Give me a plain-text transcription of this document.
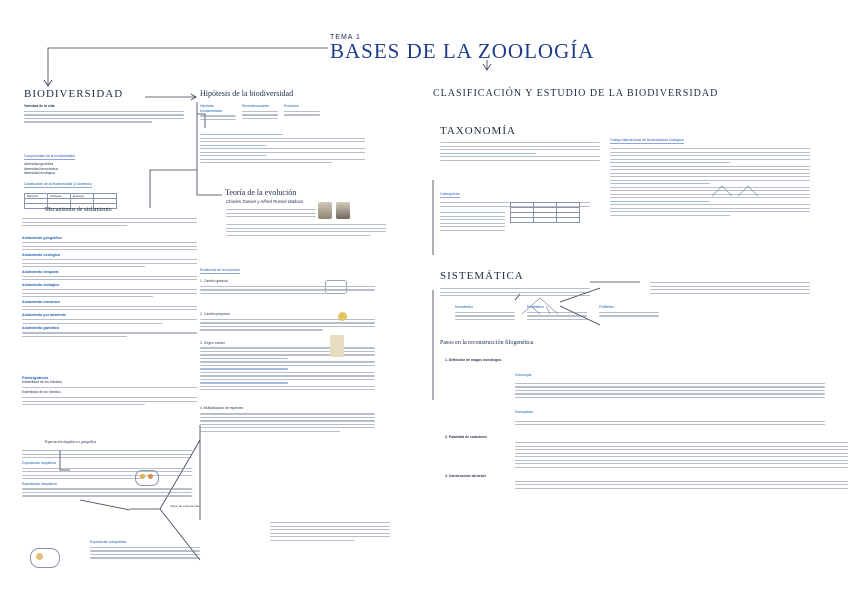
TEMA 1
BASES DE LA ZOOLOGÍA
BIODIVERSIDAD
Variedad de la vida
Componentes de la biodiversidad:
diversidad genética
diversidad taxonómica
diversidad ecológica
Clasificación de la biodiversidad (3 dominios)
Bacteria	Archaea	Eukarya	

Mecanismos de aislamiento
Aislamiento geográfico
Aislamiento ecológico
Aislamiento temporal
Aislamiento etológico
Aislamiento mecánico
Aislamiento por ambiente
Aislamiento gamético
Postcigóticos
Inviabilidad de los híbridos
Esterilidad de los híbridos
Especiación alopátrica o geográfica
Especiación alopátrica
Especiación simpátrica
Tipos de especiación
Especiación parapátrica
Hipótesis de la biodiversidad
Hipótesis fundamentales
Reconstrucciones	Evolución
Teoría de la evolución
Charles Darwin y Alfred Russel Wallace
Evidencias de la evolución
1. Cambio gradual
2. Cambio perpetuo
3. Origen común
4. Multiplicación de especies
CLASIFICACIÓN Y ESTUDIO DE LA BIODIVERSIDAD
TAXONOMÍA
Categorías

Código Internacional de Nomenclatura Zoológica
SISTEMÁTICA
Monofilético	Parafilético	Polifilético
Pasos en la reconstrucción filogenética
1. Definición de rasgos homólogos
Homología
Homoplasia
2. Polaridad de caracteres
3. Construcción del árbol
